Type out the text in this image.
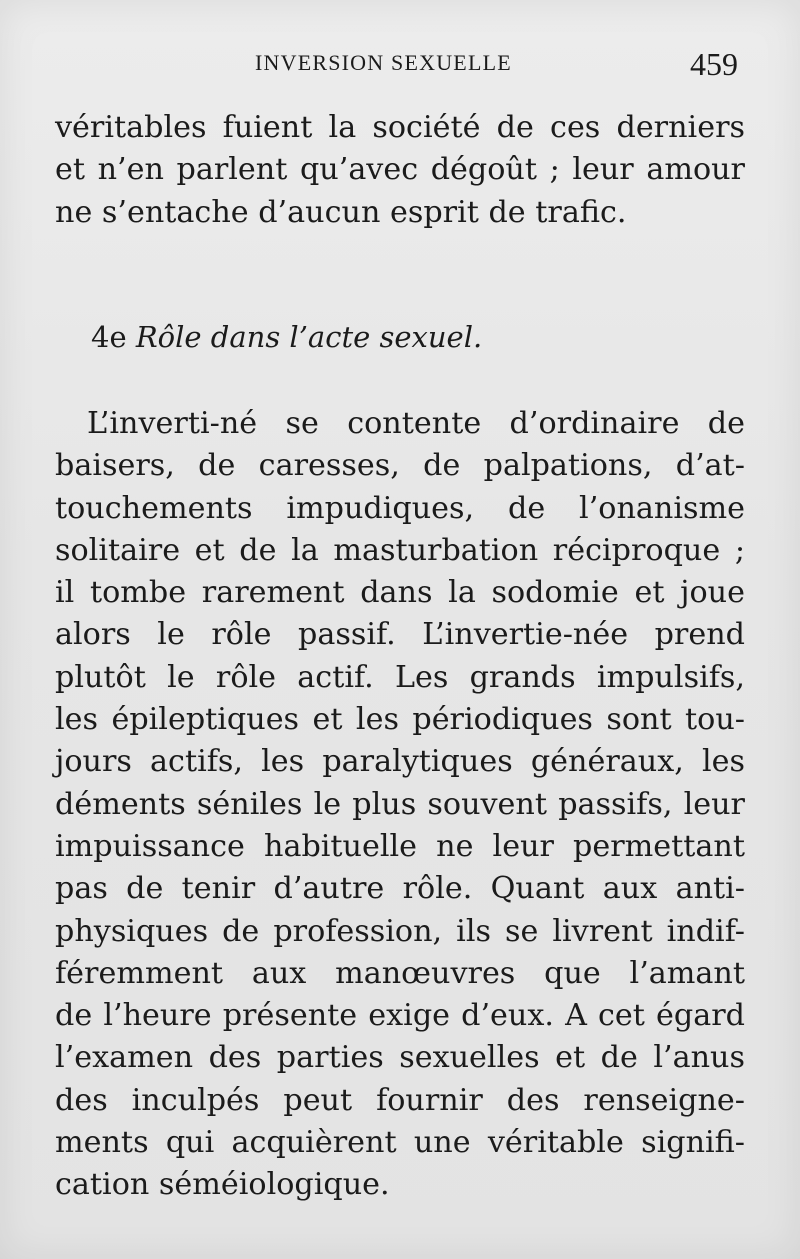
INVERSION SEXUELLE	459
véritables fuient la société de ces derniers
et n’en parlent qu’avec dégoût ; leur amour
ne s’entache d’aucun esprit de trafic.
4e Rôle dans l’acte sexuel.
L’inverti-né se contente d’ordinaire de
baisers, de caresses, de palpations, d’at-
touchements impudiques, de l’onanisme
solitaire et de la masturbation réciproque ;
il tombe rarement dans la sodomie et joue
alors le rôle passif. L’invertie-née prend
plutôt le rôle actif. Les grands impulsifs,
les épileptiques et les périodiques sont tou-
jours actifs, les paralytiques généraux, les
déments séniles le plus souvent passifs, leur
impuissance habituelle ne leur permettant
pas de tenir d’autre rôle. Quant aux anti-
physiques de profession, ils se livrent indif-
féremment aux manœuvres que l’amant
de l’heure présente exige d’eux. A cet égard
l’examen des parties sexuelles et de l’anus
des inculpés peut fournir des renseigne-
ments qui acquièrent une véritable signifi-
cation séméiologique.
